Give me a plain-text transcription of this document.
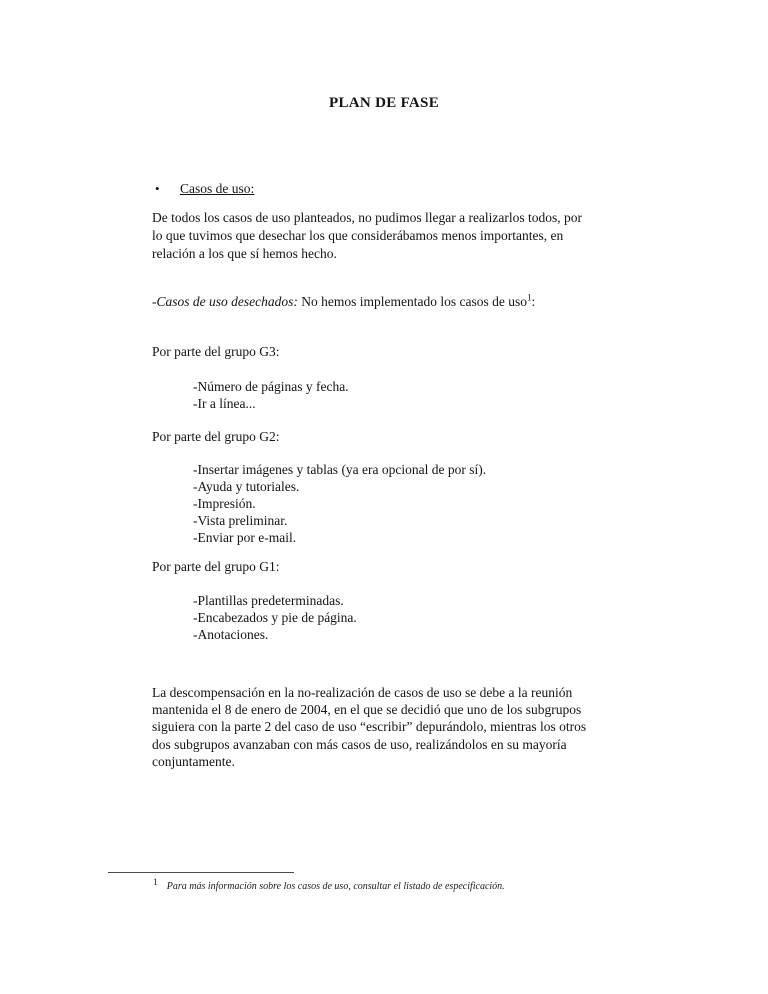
PLAN DE FASE
• Casos de uso:
De todos los casos de uso planteados, no pudimos llegar a realizarlos todos, por
lo que tuvimos que desechar los que considerábamos menos importantes, en
relación a los que sí hemos hecho.
-Casos de uso desechados: No hemos implementado los casos de uso$^1$:
Por parte del grupo G3:
-Número de páginas y fecha.
-Ir a línea...
Por parte del grupo G2:
-Insertar imágenes y tablas (ya era opcional de por sí).
-Ayuda y tutoriales.
-Impresión.
-Vista preliminar.
-Enviar por e-mail.
Por parte del grupo G1:
-Plantillas predeterminadas.
-Encabezados y pie de página.
-Anotaciones.
La descompensación en la no-realización de casos de uso se debe a la reunión
mantenida el 8 de enero de 2004, en el que se decidió que uno de los subgrupos
siguiera con la parte 2 del caso de uso “escribir” depurándolo, mientras los otros
dos subgrupos avanzaban con más casos de uso, realizándolos en su mayoría
conjuntamente.
1 Para más información sobre los casos de uso, consultar el listado de especificación.
